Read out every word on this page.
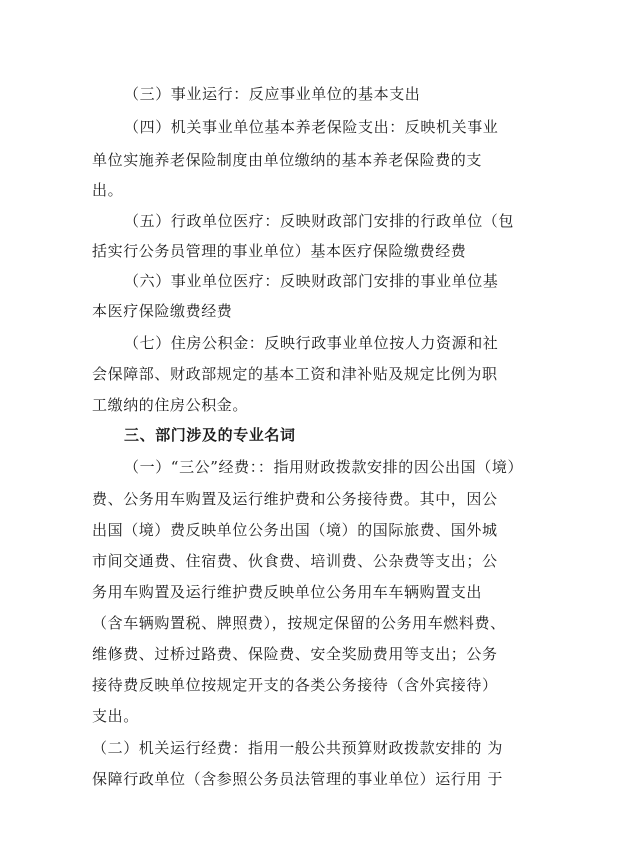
（三）事业运行：反应事业单位的基本支出
（四）机关事业单位基本养老保险支出：反映机关事业
单位实施养老保险制度由单位缴纳的基本养老保险费的支
出。
（五）行政单位医疗：反映财政部门安排的行政单位（包
括实行公务员管理的事业单位）基本医疗保险缴费经费
（六）事业单位医疗：反映财政部门安排的事业单位基
本医疗保险缴费经费
（七）住房公积金：反映行政事业单位按人力资源和社
会保障部、财政部规定的基本工资和津补贴及规定比例为职
工缴纳的住房公积金。
三、部门涉及的专业名词
（一）“三公”经费：：指用财政拨款安排的因公出国（境）
费、公务用车购置及运行维护费和公务接待费。其中，因公
出国（境）费反映单位公务出国（境）的国际旅费、国外城
市间交通费、住宿费、伙食费、培训费、公杂费等支出；公
务用车购置及运行维护费反映单位公务用车车辆购置支出
（含车辆购置税、牌照费），按规定保留的公务用车燃料费、
维修费、过桥过路费、保险费、安全奖励费用等支出；公务
接待费反映单位按规定开支的各类公务接待（含外宾接待）
支出。
（二）机关运行经费：指用一般公共预算财政拨款安排的 为
保障行政单位（含参照公务员法管理的事业单位）运行用 于
